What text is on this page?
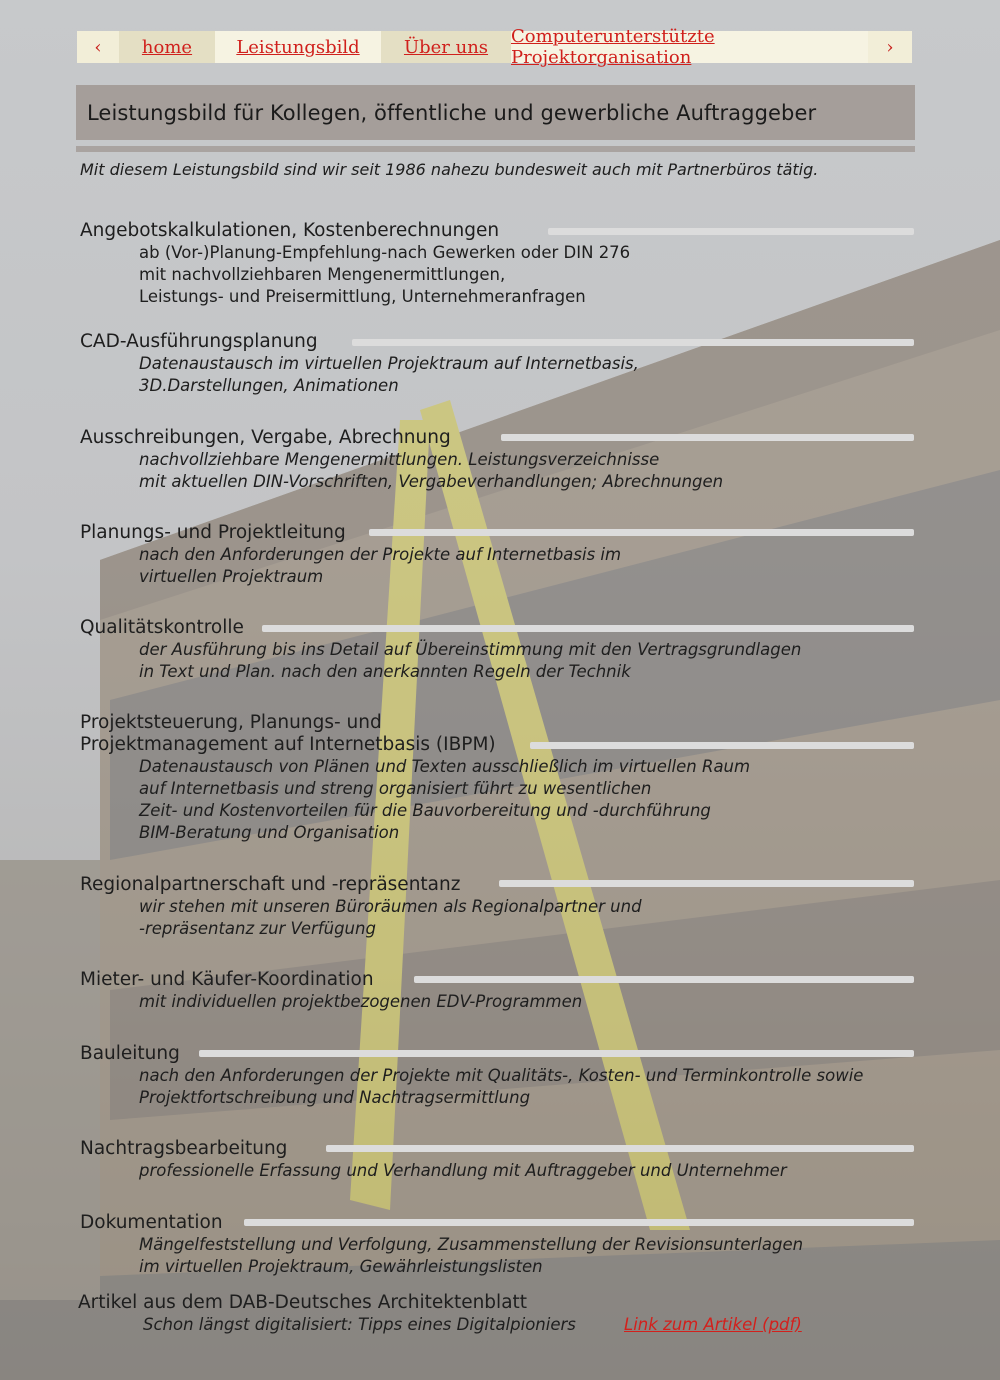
‹	home	Leistungsbild	Über uns	Computerunterstützte Projektorganisation	›
Leistungsbild für Kollegen, öffentliche und gewerbliche Auftraggeber
Mit diesem Leistungsbild sind wir seit 1986 nahezu bundesweit auch mit Partnerbüros tätig.
Angebotskalkulationen, Kostenberechnungen
ab (Vor-)Planung-Empfehlung-nach Gewerken oder DIN 276
mit nachvollziehbaren Mengenermittlungen,
Leistungs- und Preisermittlung, Unternehmeranfragen
CAD-Ausführungsplanung
Datenaustausch im virtuellen Projektraum auf Internetbasis,
3D.Darstellungen, Animationen
Ausschreibungen, Vergabe, Abrechnung
nachvollziehbare Mengenermittlungen. Leistungsverzeichnisse
mit aktuellen DIN-Vorschriften, Vergabeverhandlungen; Abrechnungen
Planungs- und Projektleitung
nach den Anforderungen der Projekte auf Internetbasis im
virtuellen Projektraum
Qualitätskontrolle
der Ausführung bis ins Detail auf Übereinstimmung mit den Vertragsgrundlagen
in Text und Plan. nach den anerkannten Regeln der Technik
Projektsteuerung, Planungs- und
Projektmanagement auf Internetbasis (IBPM)
Datenaustausch von Plänen und Texten ausschließlich im virtuellen Raum
auf Internetbasis und streng organisiert führt zu wesentlichen
Zeit- und Kostenvorteilen für die Bauvorbereitung und -durchführung
BIM-Beratung und Organisation
Regionalpartnerschaft und -repräsentanz
wir stehen mit unseren Büroräumen als Regionalpartner und
-repräsentanz zur Verfügung
Mieter- und Käufer-Koordination
mit individuellen projektbezogenen EDV-Programmen
Bauleitung
nach den Anforderungen der Projekte mit Qualitäts-, Kosten- und Terminkontrolle sowie
Projektfortschreibung und Nachtragsermittlung
Nachtragsbearbeitung
professionelle Erfassung und Verhandlung mit Auftraggeber und Unternehmer
Dokumentation
Mängelfeststellung und Verfolgung, Zusammenstellung der Revisionsunterlagen
im virtuellen Projektraum, Gewährleistungslisten
Artikel aus dem DAB-Deutsches Architektenblatt
Schon längst digitalisiert: Tipps eines Digitalpioniers	Link zum Artikel (pdf)
